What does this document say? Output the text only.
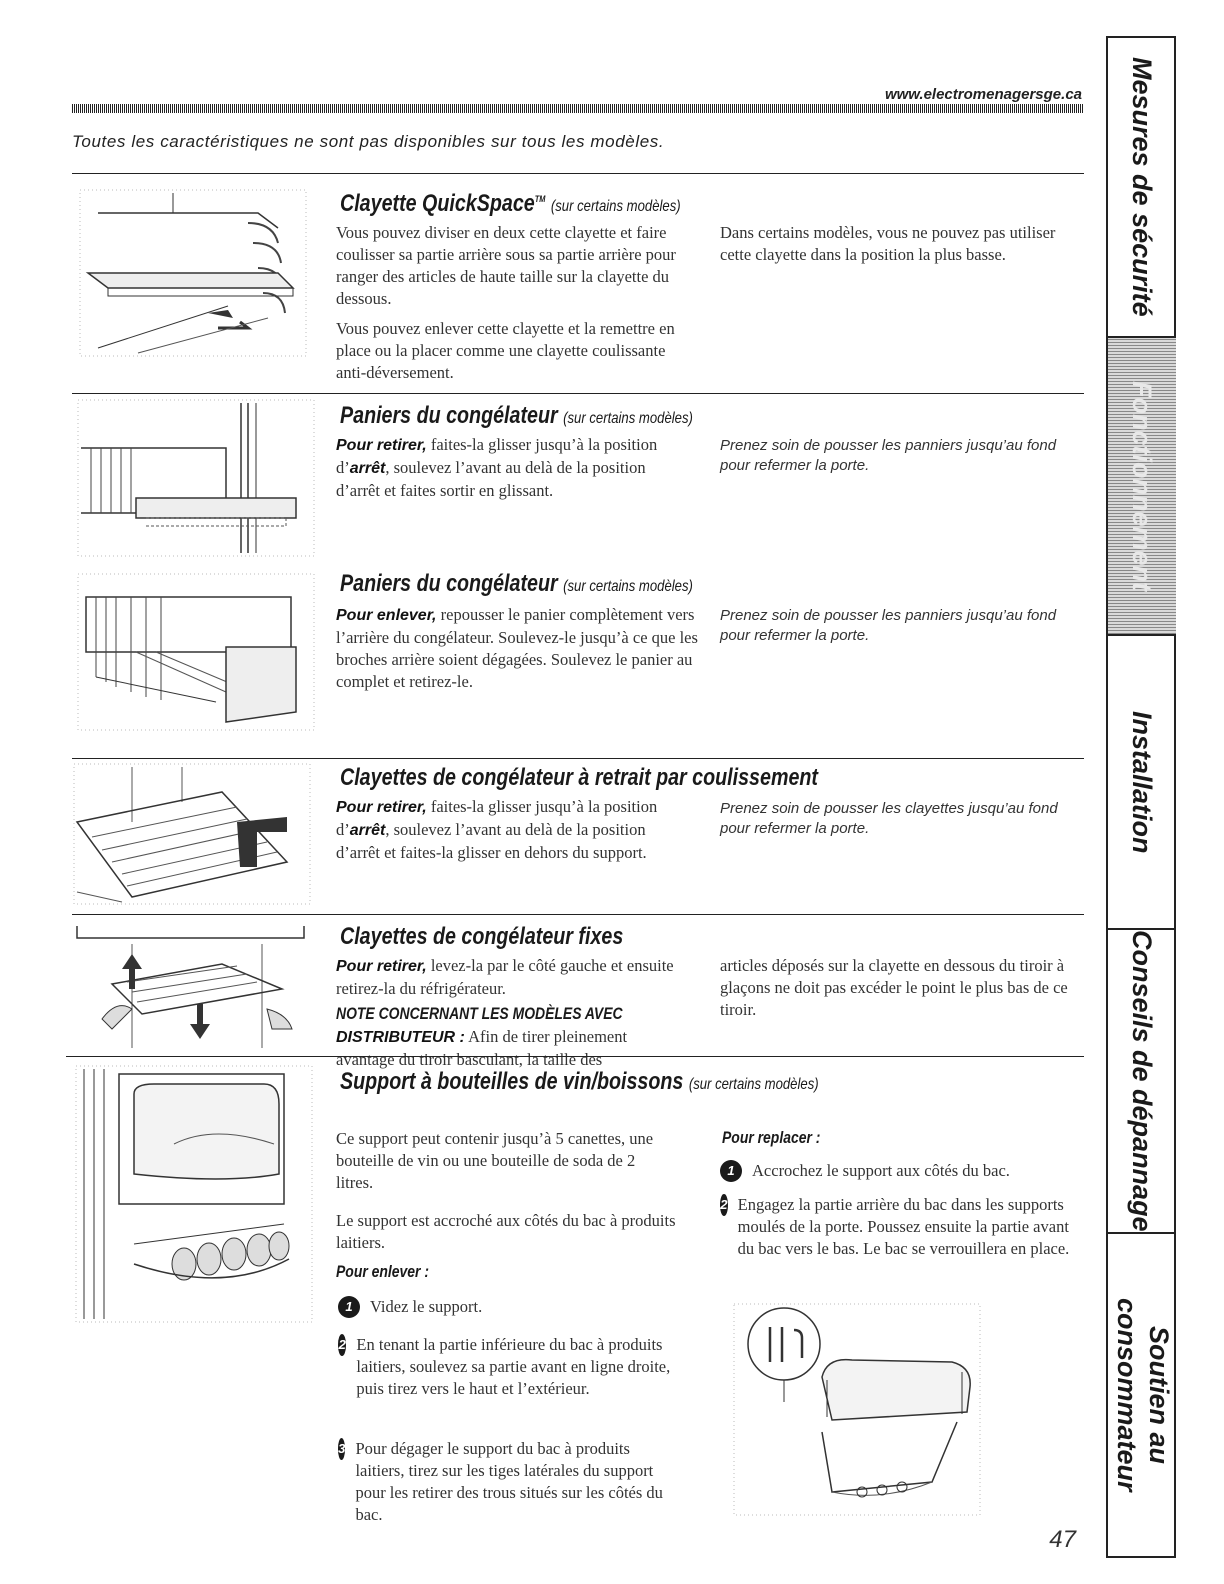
www.electromenagersge.ca
Toutes les caractéristiques ne sont pas disponibles sur tous les modèles.
Clayette QuickSpace™ (sur certains modèles)
Vous pouvez diviser en deux cette clayette et faire coulisser sa partie arrière sous sa partie arrière pour ranger des articles de haute taille sur la clayette du dessous.
Vous pouvez enlever cette clayette et la remettre en place ou la placer comme une clayette coulissante anti-déversement.
Dans certains modèles, vous ne pouvez pas utiliser cette clayette dans la position la plus basse.
Paniers du congélateur (sur certains modèles)
Pour retirer, faites-la glisser jusqu’à la position d’arrêt, soulevez l’avant au delà de la position d’arrêt et faites sortir en glissant.
Prenez soin de pousser les panniers jusqu’au fond pour refermer la porte.
Paniers du congélateur (sur certains modèles)
Pour enlever, repousser le panier complètement vers l’arrière du congélateur. Soulevez-le jusqu’à ce que les broches arrière soient dégagées. Soulevez le panier au complet et retirez-le.
Prenez soin de pousser les panniers jusqu’au fond pour refermer la porte.
Clayettes de congélateur à retrait par coulissement
Pour retirer, faites-la glisser jusqu’à la position d’arrêt, soulevez l’avant au delà de la position d’arrêt et faites-la glisser en dehors du support.
Prenez soin de pousser les clayettes jusqu’au fond pour refermer la porte.
Clayettes de congélateur fixes
Pour retirer, levez-la par le côté gauche et ensuite retirez-la du réfrigérateur.
NOTE CONCERNANT LES MODÈLES AVEC
DISTRIBUTEUR : Afin de tirer pleinement avantage du tiroir basculant, la taille des
articles déposés sur la clayette en dessous du tiroir à glaçons ne doit pas excéder le point le plus bas de ce tiroir.
Support à bouteilles de vin/boissons (sur certains modèles)
Ce support peut contenir jusqu’à 5 canettes, une bouteille de vin ou une bouteille de soda de 2 litres.
Le support est accroché aux côtés du bac à produits laitiers.
Pour enlever :
1	Videz le support.
2 En tenant la partie inférieure du bac à produits laitiers, soulevez sa partie avant en ligne droite, puis tirez vers le haut et l’extérieur.
3 Pour dégager le support du bac à produits laitiers, tirez sur les tiges latérales du support pour les retirer des trous situés sur les côtés du bac.
Pour replacer :
1	Accrochez le support aux côtés du bac.
2 Engagez la partie arrière du bac dans les supports moulés de la porte. Poussez ensuite la partie avant du bac vers le bas. Le bac se verrouillera en place.
47
Mesures de sécurité
Fonctionnement
Installation
Conseils de dépannage
Soutien au consommateur
